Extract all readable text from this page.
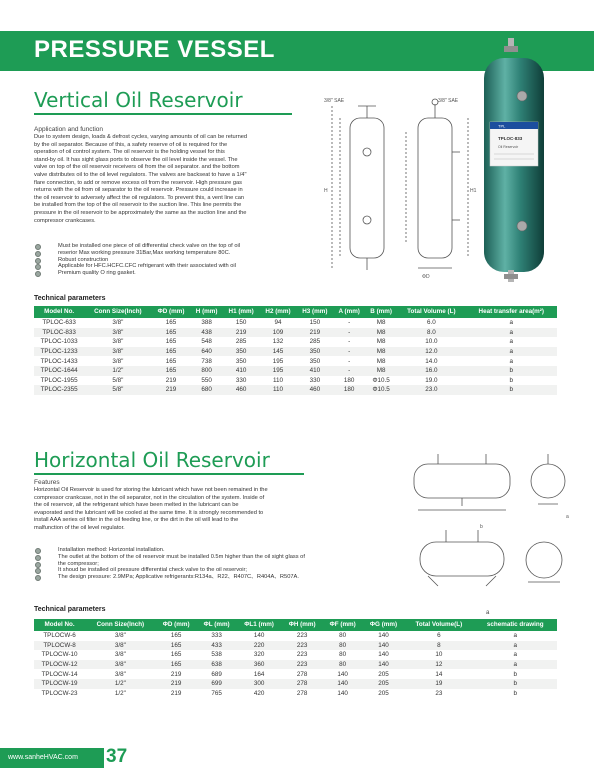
PRESSURE VESSEL
Vertical Oil Reservoir
Application and function
Due to system design, loads & defrost cycles, varying amounts of oil can be returned
by the oil separator. Because of this, a safety reserve of oil is required for the
operation of oil control system. The oil reservoir is the holding vessel for this
stand-by oil. It has sight glass ports to observe the oil level inside the vessel. The
valve on top of the oil reservoir receivers oil from the oil separator. and the bottom
valve distributes oil to the oil level regulators. The valves are backseat to have a 1/4"
flare connection, to add or remove excess oil from the reservoir. High pressure gas
returns with the oil from oil separator to the oil reservoir. Pressure could increase in
the oil reservoir to adversely affect the oil regulators. To prevent this, a vent line can
be installed from the top of the oil reservoir to the suction line. This line permits the
pressure in the oil reservoir to be approximately the same as the suction line and the
compressor crankcases.
Must be installed one piece of oil differential check valve on the top of oil
reserior Max working pressure 31Bar,Max working temperature 80C.
Robust construction
Applicable for HFC.HCFC.CFC refrigerant with their associated with oil
Premium quality O ring gasket.
Technical parameters
Model No.	Conn Size(Inch)	ΦD (mm)	H (mm)	H1 (mm)	H2 (mm)	H3 (mm)	A (mm)	B (mm)	Total Volume (L)	Heat transfer area(m²)
TPLOC-633	3/8"	165	388	150	94	150	-	M8	6.0	a
TPLOC-833	3/8"	165	438	219	109	219	-	M8	8.0	a
TPLOC-1033	3/8"	165	548	285	132	285	-	M8	10.0	a
TPLOC-1233	3/8"	165	640	350	145	350	-	M8	12.0	a
TPLOC-1433	3/8"	165	738	350	195	350	-	M8	14.0	a
TPLOC-1644	1/2"	165	800	410	195	410	-	M8	16.0	b
TPLOC-1955	5/8"	219	550	330	110	330	180	Φ10.5	19.0	b
TPLOC-2355	5/8"	219	680	460	110	460	180	Φ10.5	23.0	b
3/8" SAE	3/8" SAE
ΦD
H	H1
TPL
TPLOC-833
Oil Reservoir
Horizontal Oil Reservoir
Features
Horizontal Oil Reservoir is used for storing the lubricant which have not been remained in the
compressor crankcase, not in the oil separator, not in the circulation of the system. Inside of
the oil reservoir, all the refrigerant which have been melted in the lubricant can be
evaporated and the lubricant will be cooled at the same time. It is strongly recommended to
install AAA series oil filter in the oil feeding line, or the dirt in the oil will lead to the
malfunction of the oil level regulator.
Installation method: Horizontal installation.
The outlet at the bottom of the oil reservoir must be installed 0.5m higher than the oil sight glass of
the compressor;
It shoud be installed oil pressure differential check valve to the oil reservoir;
The design pressure: 2.9MPa; Applicative refrigerants:R134a、R22、R407C、R404A、R507A.
Technical parameters
Model No.	Conn Size(Inch)	ΦD (mm)	ΦL (mm)	ΦL1 (mm)	ΦH (mm)	ΦF (mm)	ΦG (mm)	Total Volume(L)	schematic drawing
TPLOCW-6	3/8"	165	333	140	223	80	140	6	a
TPLOCW-8	3/8"	165	433	220	223	80	140	8	a
TPLOCW-10	3/8"	165	538	320	223	80	140	10	a
TPLOCW-12	3/8"	165	638	360	223	80	140	12	a
TPLOCW-14	3/8"	219	689	164	278	140	205	14	b
TPLOCW-19	1/2"	219	699	300	278	140	205	19	b
TPLOCW-23	1/2"	219	765	420	278	140	205	23	b
a
b
a
www.sanheHVAC.com 37
